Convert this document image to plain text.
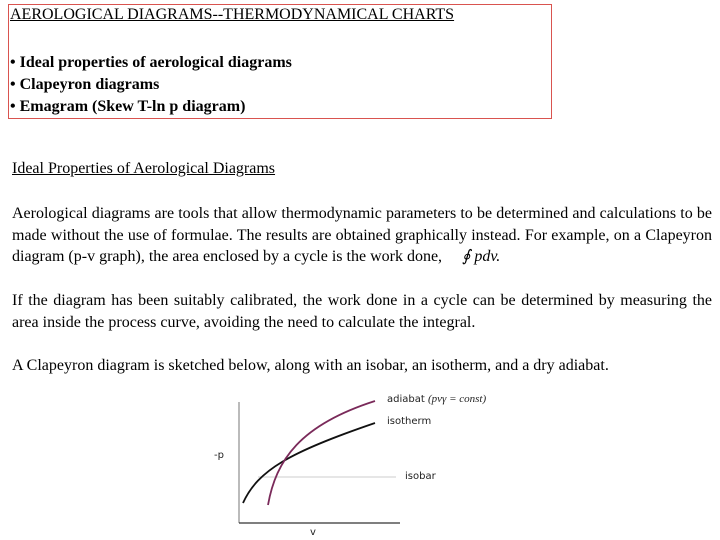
AEROLOGICAL DIAGRAMS--THERMODYNAMICAL CHARTS
• Ideal properties of aerological diagrams
• Clapeyron diagrams
• Emagram (Skew T-ln p diagram)
Ideal Properties of Aerological Diagrams
Aerological diagrams are tools that allow thermodynamic parameters to be determined and calculations to be made without the use of formulae. The results are obtained graphically instead. For example, on a Clapeyron diagram (p-v graph), the area enclosed by a cycle is the work done, ∮ pdv.
If the diagram has been suitably calibrated, the work done in a cycle can be determined by measuring the area inside the process curve, avoiding the need to calculate the integral.
A Clapeyron diagram is sketched below, along with an isobar, an isotherm, and a dry adiabat.
adiabat (pvγ = const)
isotherm
isobar
-p
v
